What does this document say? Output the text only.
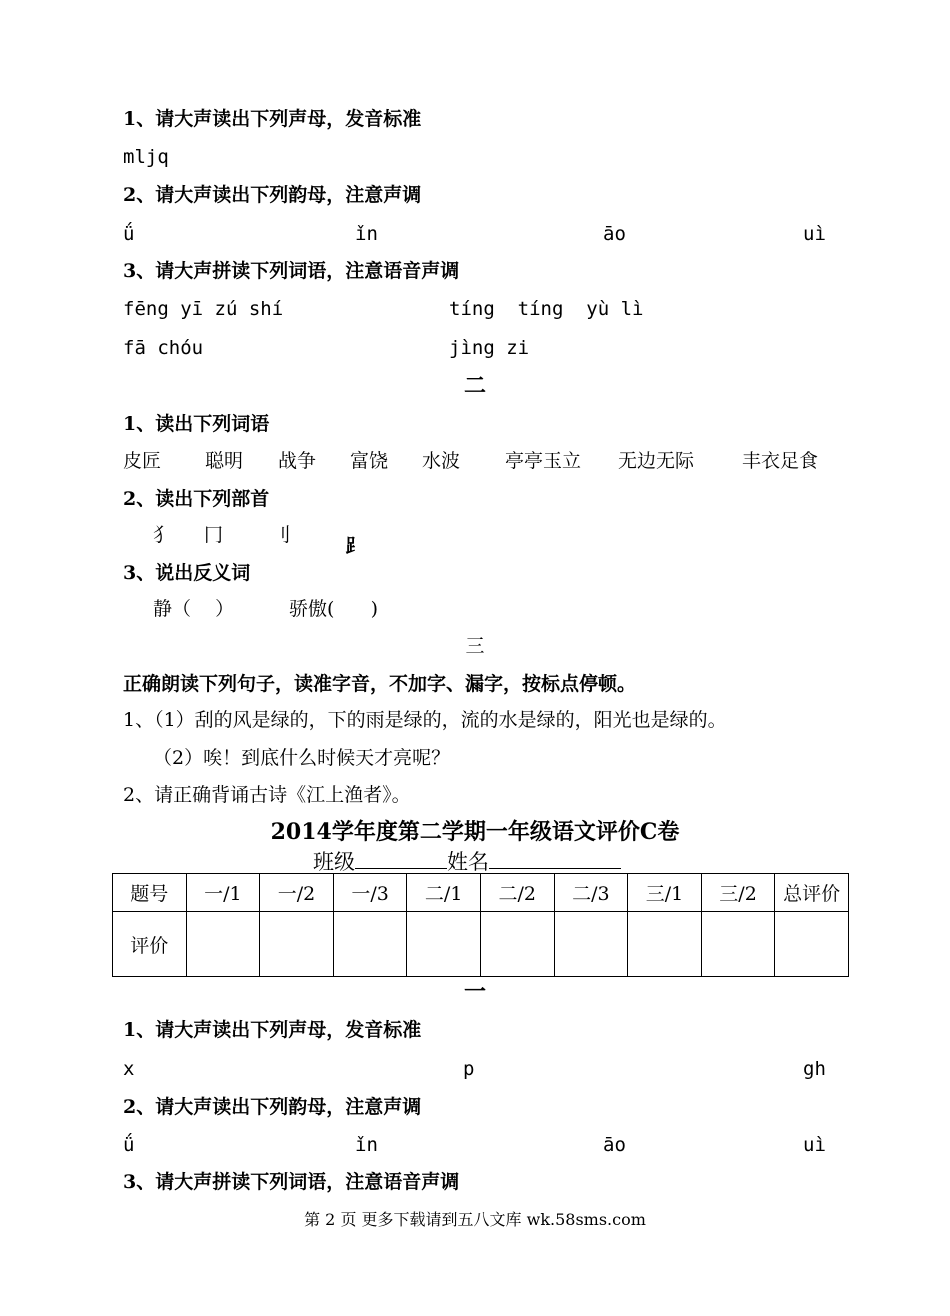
1、请大声读出下列声母，发音标准
mljq
2、请大声读出下列韵母，注意声调
ǘ	ǐn	āo	uì
3、请大声拼读下列词语，注意语音声调
fēng yī zú shí	tíng  tíng  yù lì
fā chóu	jìng zi
二
1、读出下列词语
皮匠 聪明 战争 富饶 水波 亭亭玉立 无边无际	丰衣足食
2、读出下列部首
犭 冂	刂	⻊
3、说出反义词
静（    ）	骄傲(      )
三
正确朗读下列句子，读准字音，不加字、漏字，按标点停顿。
1、（1）刮的风是绿的，下的雨是绿的，流的水是绿的，阳光也是绿的。
（2）唉！到底什么时候天才亮呢？
2、请正确背诵古诗《江上渔者》。
2014学年度第二学期一年级语文评价C卷
班级	姓名
题号	一/1	一/2	一/3	二/1	二/2	二/3	三/1	三/2	总评价
评价									
一
1、请大声读出下列声母，发音标准
x	p	gh
2、请大声读出下列韵母，注意声调
ǘ	ǐn	āo	uì
3、请大声拼读下列词语，注意语音声调
第 2 页 更多下载请到五八文库 wk.58sms.com
